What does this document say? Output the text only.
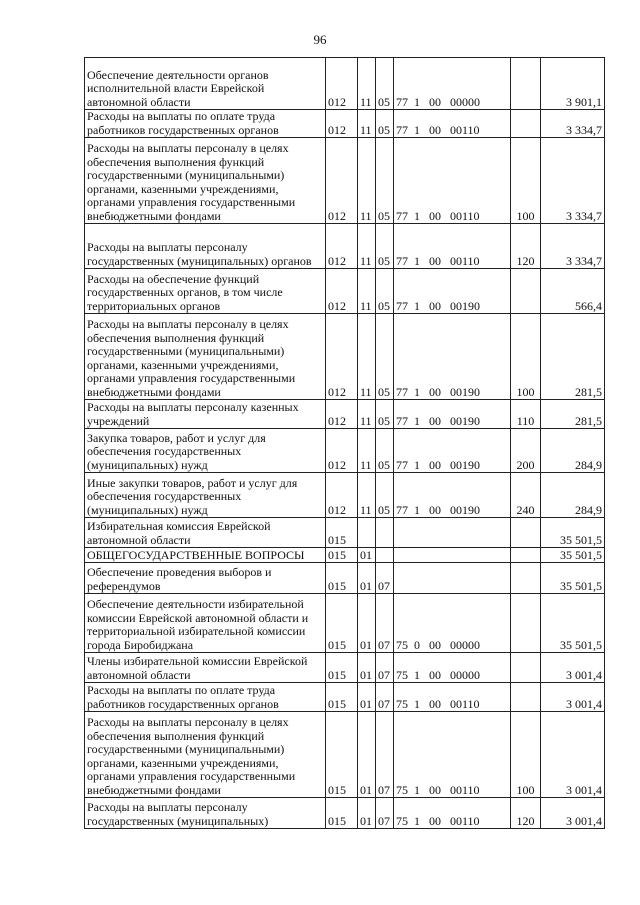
96
Обеспечение деятельности органов исполнительной власти Еврейской автономной области	012	11	05	77  1   00   00000		3 901,1
Расходы на выплаты по оплате труда работников государственных органов	012	11	05	77  1   00   00110		3 334,7
Расходы на выплаты персоналу в целях обеспечения выполнения функций государственными (муниципальными) органами, казенными учреждениями, органами управления государственными внебюджетными фондами	012	11	05	77  1   00   00110	100	3 334,7
Расходы на выплаты персоналу государственных (муниципальных) органов	012	11	05	77  1   00   00110	120	3 334,7
Расходы на обеспечение функций государственных органов, в том числе территориальных органов	012	11	05	77  1   00   00190		566,4
Расходы на выплаты персоналу в целях обеспечения выполнения функций государственными (муниципальными) органами, казенными учреждениями, органами управления государственными внебюджетными фондами	012	11	05	77  1   00   00190	100	281,5
Расходы на выплаты персоналу казенных учреждений	012	11	05	77  1   00   00190	110	281,5
Закупка товаров, работ и услуг для обеспечения государственных (муниципальных) нужд	012	11	05	77  1   00   00190	200	284,9
Иные закупки товаров, работ и услуг для обеспечения государственных (муниципальных) нужд	012	11	05	77  1   00   00190	240	284,9
Избирательная комиссия Еврейской автономной области	015					35 501,5
ОБЩЕГОСУДАРСТВЕННЫЕ ВОПРОСЫ	015	01				35 501,5
Обеспечение проведения выборов и референдумов	015	01	07			35 501,5
Обеспечение деятельности избирательной комиссии Еврейской автономной области и территориальной избирательной комиссии города Биробиджана	015	01	07	75  0   00   00000		35 501,5
Члены избирательной комиссии Еврейской автономной области	015	01	07	75  1   00   00000		3 001,4
Расходы на выплаты по оплате труда работников государственных органов	015	01	07	75  1   00   00110		3 001,4
Расходы на выплаты персоналу в целях обеспечения выполнения функций государственными (муниципальными) органами, казенными учреждениями, органами управления государственными внебюджетными фондами	015	01	07	75  1   00   00110	100	3 001,4
Расходы на выплаты персоналу государственных (муниципальных)	015	01	07	75  1   00   00110	120	3 001,4
